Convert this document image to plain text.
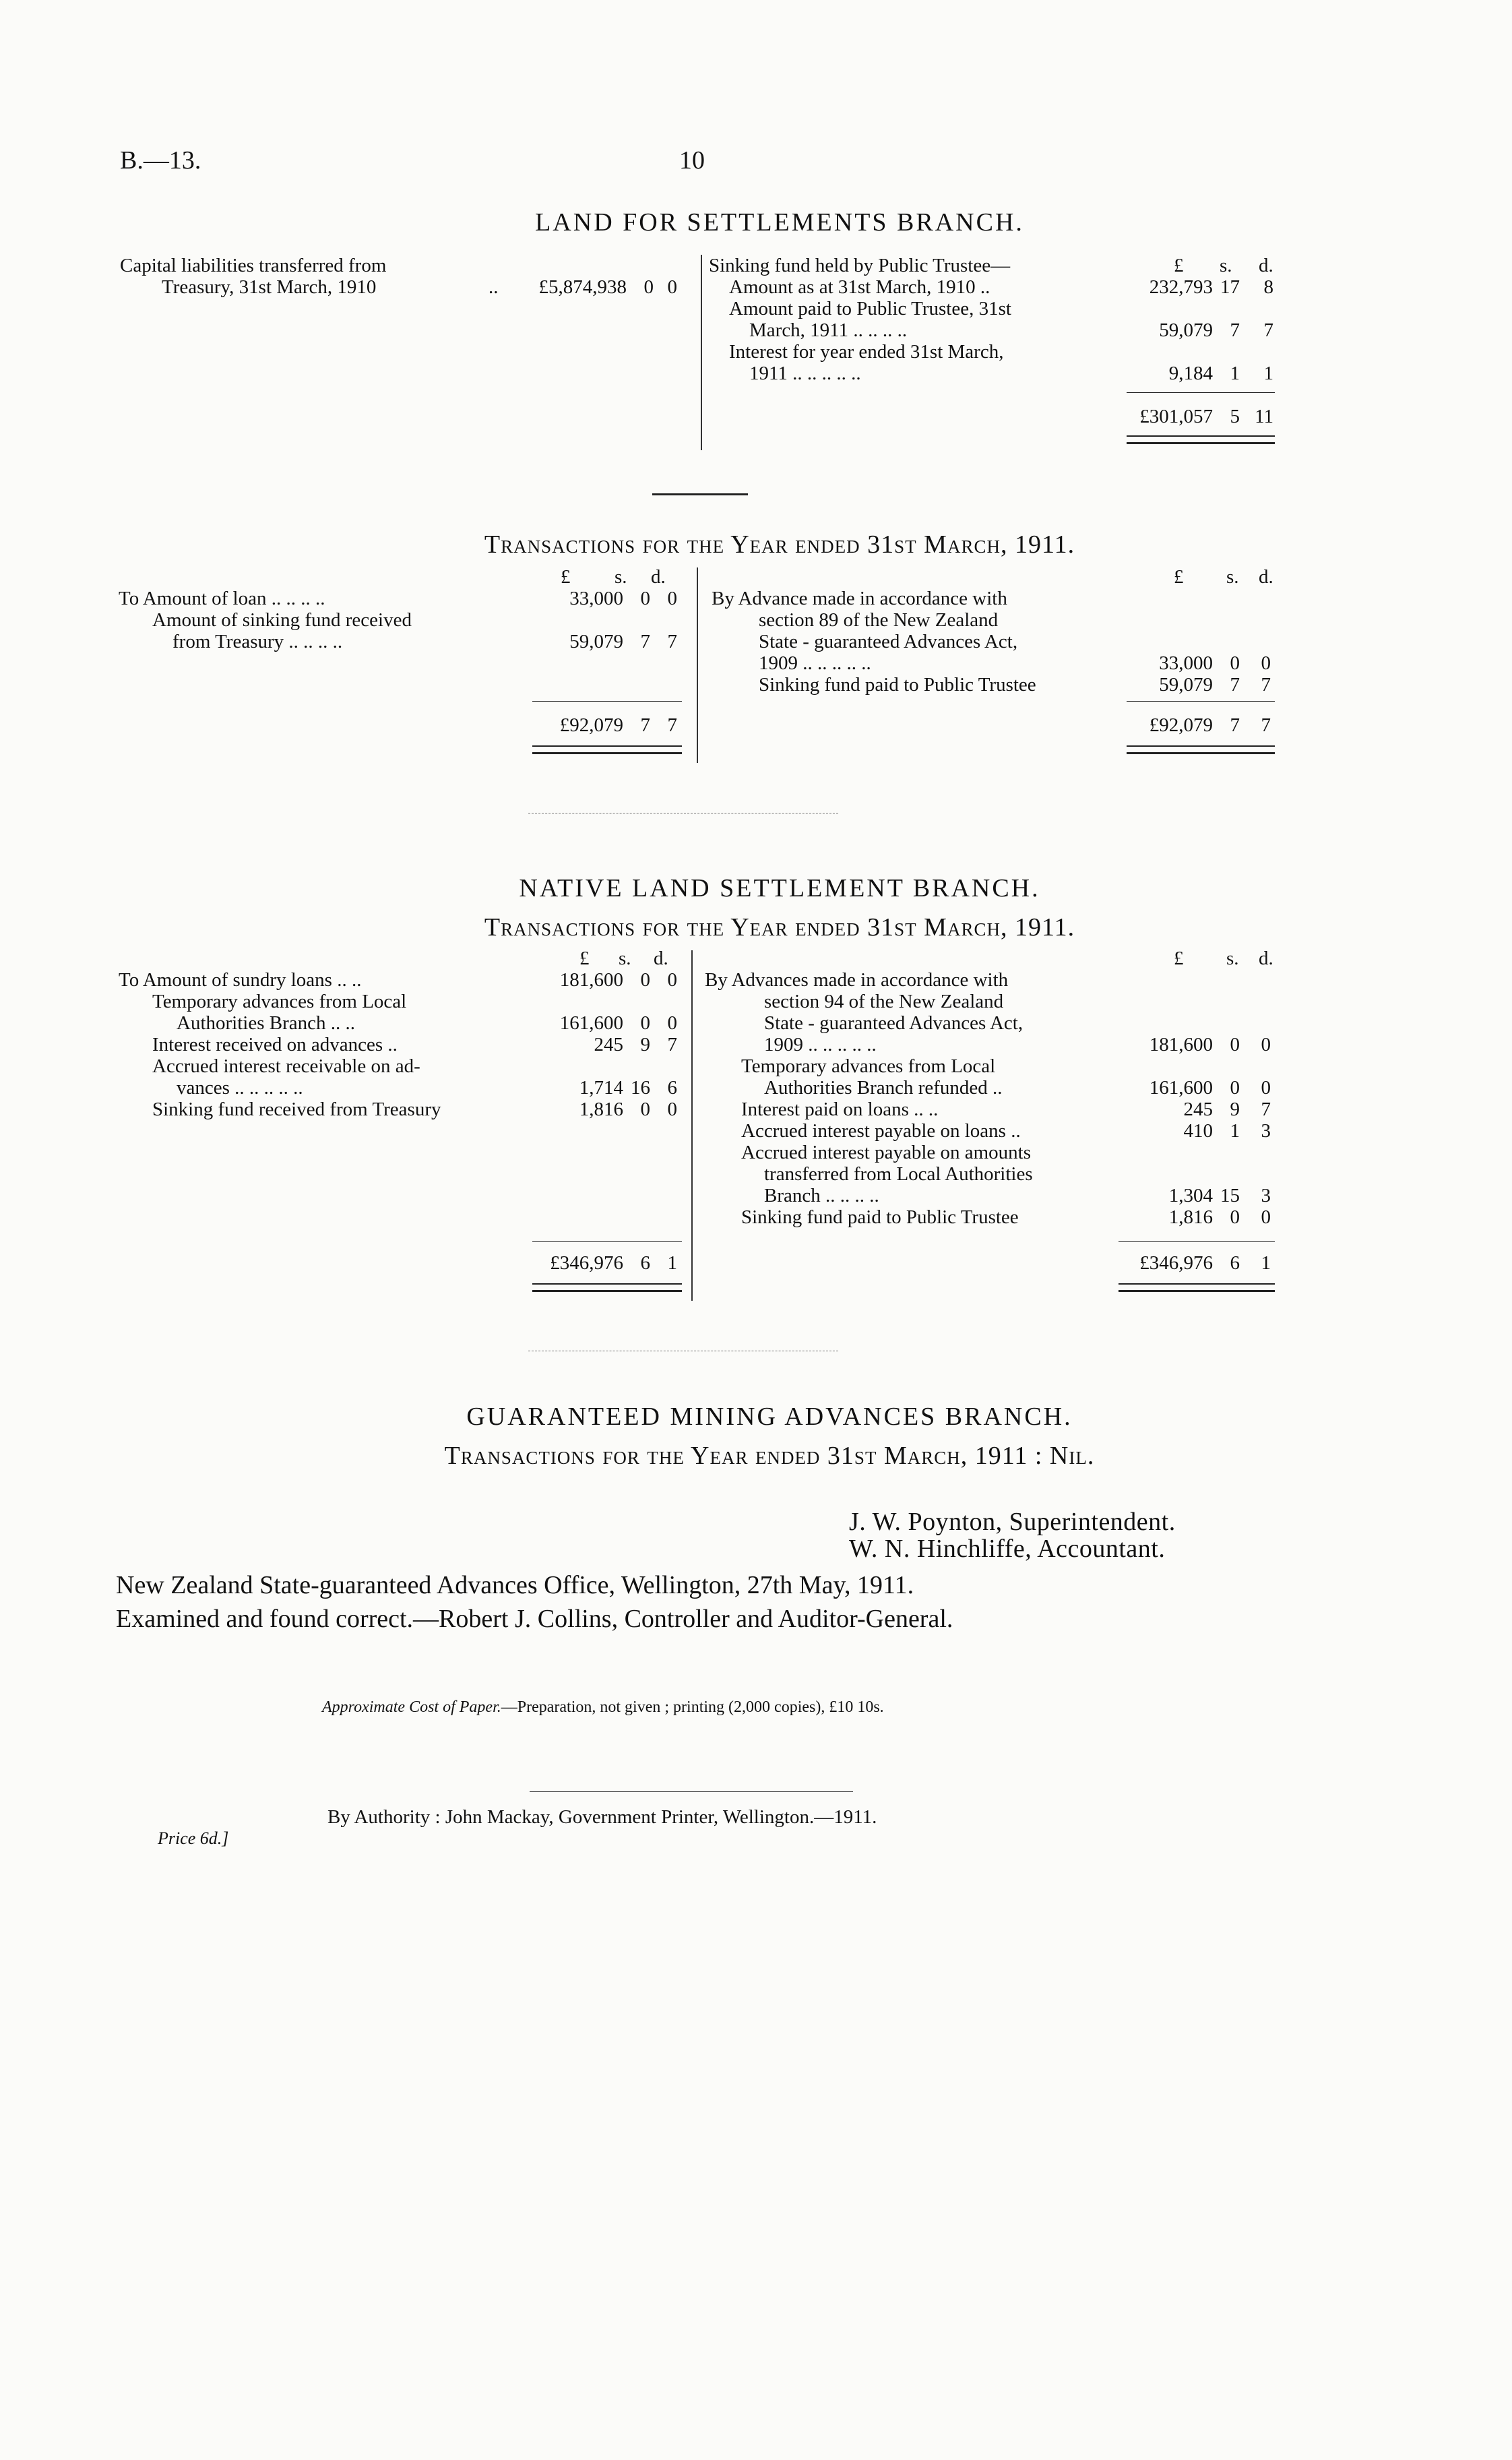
B.—13.	10
LAND FOR SETTLEMENTS BRANCH.
Capital liabilities transferred from
Treasury, 31st March, 1910	..	£5,874,938 0 0
Sinking fund held by Public Trustee—	£ s. d.
Amount as at 31st March, 1910 ..	232,793 17	8
Amount paid to Public Trustee, 31st
March, 1911 .. .. .. ..	59,079 7	7
Interest for year ended 31st March,
1911 .. .. .. .. ..	9,184 1	1
£301,057 5 11
Transactions for the Year ended 31st March, 1911.
£ s. d.
To Amount of loan .. .. .. ..	33,000 0 0
Amount of sinking fund received
from Treasury .. .. .. ..	59,079 7 7
£92,079 7 7
£ s. d.
By Advance made in accordance with
section 89 of the New Zealand
State - guaranteed Advances Act,
1909 .. .. .. .. ..	33,000 0	0
Sinking fund paid to Public Trustee	59,079 7	7
£92,079 7	7
NATIVE LAND SETTLEMENT BRANCH.
Transactions for the Year ended 31st March, 1911.
£ s. d.
To Amount of sundry loans .. ..	181,600 0 0
Temporary advances from Local
Authorities Branch .. ..	161,600 0 0
Interest received on advances ..	245 9 7
Accrued interest receivable on ad-
vances .. .. .. .. ..	1,714 16 6
Sinking fund received from Treasury	1,816 0 0
£346,976 6 1
£ s. d.
By Advances made in accordance with
section 94 of the New Zealand
State - guaranteed Advances Act,
1909 .. .. .. .. ..	181,600 0	0
Temporary advances from Local
Authorities Branch refunded ..	161,600 0	0
Interest paid on loans .. ..	245 9	7
Accrued interest payable on loans ..	410 1	3
Accrued interest payable on amounts
transferred from Local Authorities
Branch .. .. .. ..	1,304 15	3
Sinking fund paid to Public Trustee	1,816 0	0
£346,976 6	1
GUARANTEED MINING ADVANCES BRANCH.
Transactions for the Year ended 31st March, 1911 : Nil.
J. W. Poynton, Superintendent.
W. N. Hinchliffe, Accountant.
New Zealand State-guaranteed Advances Office, Wellington, 27th May, 1911.
Examined and found correct.—Robert J. Collins, Controller and Auditor-General.
Approximate Cost of Paper.—Preparation, not given ; printing (2,000 copies), £10 10s.
By Authority : John Mackay, Government Printer, Wellington.—1911.
Price 6d.]
